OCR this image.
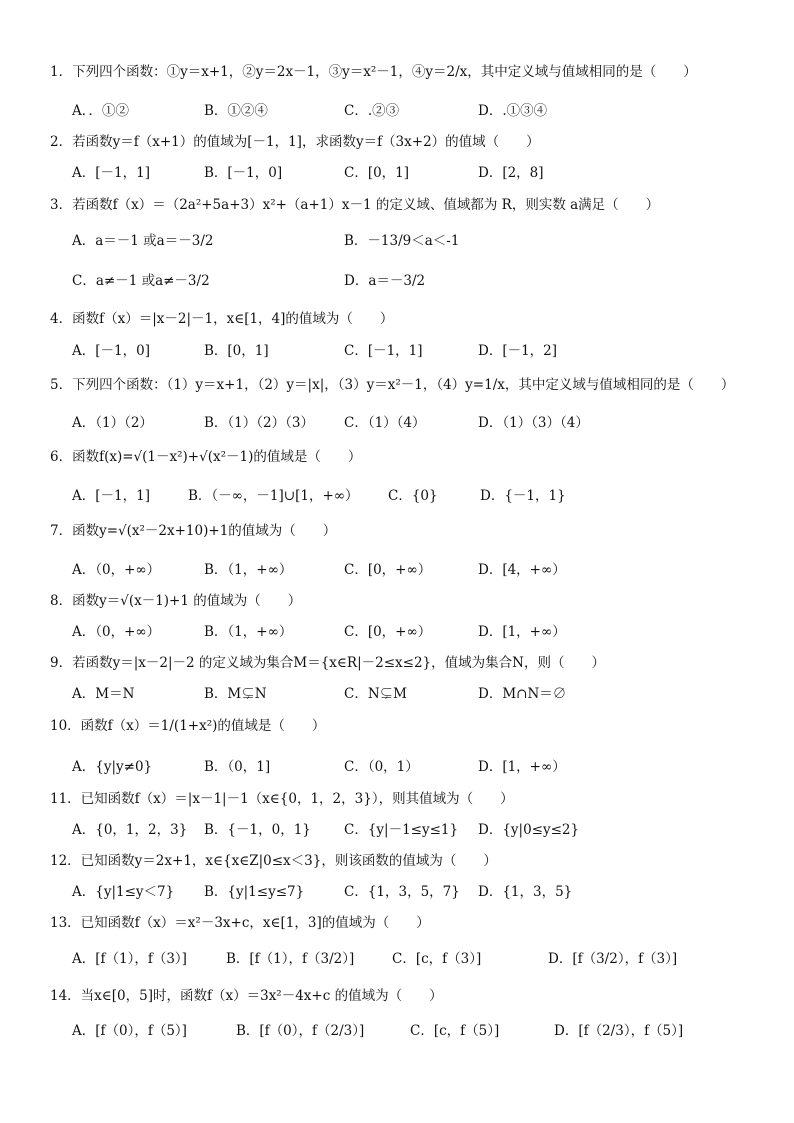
1．下列四个函数：①y＝x+1，②y＝2x－1，③y＝x²－1，④y＝2/x，其中定义域与值域相同的是（　　）
A．．①②	B．①②④	C．.②③	D．.①③④
2．若函数y＝f（x+1）的值域为[－1，1]，求函数y＝f（3x+2）的值域（　　）
A．[－1，1]	B．[－1，0]	C．[0，1]	D．[2，8]
3．若函数f（x）＝（2a²+5a+3）x²+（a+1）x－1 的定义域、值域都为 R，则实数 a满足（　　）
A．a＝－1 或a＝－3/2	B．－13/9＜a＜-1
C．a≠－1 或a≠－3/2	D．a＝－3/2
4．函数f（x）＝|x－2|－1，x∈[1，4]的值域为（　　）
A．[－1，0]	B．[0，1]	C．[－1，1]	D．[－1，2]
5．下列四个函数：（1）y＝x+1，（2）y＝|x|，（3）y＝x²－1，（4）y=1/x，其中定义域与值域相同的是（　　）
A．（1）（2）	B．（1）（2）（3） C．（1）（4）	D．（1）（3）（4）
6．函数f(x)=√(1－x²)+√(x²－1)的值域是（　　）
A．[－1，1]	B．（－∞，－1]∪[1，+∞） C．{0}	D．{－1，1}
7．函数y=√(x²－2x+10)+1的值域为（　　）
A．（0，+∞）	B．（1，+∞）	C．[0，+∞）	D．[4，+∞）
8．函数y＝√(x－1)+1 的值域为（　　）
A．（0，+∞）	B．（1，+∞）	C．[0，+∞）	D．[1，+∞）
9．若函数y＝|x－2|－2 的定义域为集合M＝{x∈R|－2≤x≤2}，值域为集合N，则（　　）
A．M＝N	B．M⊊N	C．N⊊M	D．M∩N＝∅
10．函数f（x）＝1/(1+x²)的值域是（　　）
A．{y|y≠0}	B．（0，1]	C．（0，1）	D．[1，+∞）
11．已知函数f（x）＝|x－1|－1（x∈{0，1，2，3}），则其值域为（　　）
A．{0，1，2，3} B．{－1，0，1} C．{y|－1≤y≤1} D．{y|0≤y≤2}
12．已知函数y＝2x+1，x∈{x∈Z|0≤x＜3}，则该函数的值域为（　　）
A．{y|1≤y＜7} B．{y|1≤y≤7}	C．{1，3，5，7} D．{1，3，5}
13．已知函数f（x）＝x²－3x+c，x∈[1，3]的值域为（　　）
A．[f（1），f（3）]	B．[f（1），f（3/2）]	C．[c，f（3）]	D．[f（3/2），f（3）]
14．当x∈[0，5]时，函数f（x）＝3x²－4x+c 的值域为（　　）
A．[f（0），f（5）]	B．[f（0），f（2/3）]	C．[c，f（5）]	D．[f（2/3），f（5）]
